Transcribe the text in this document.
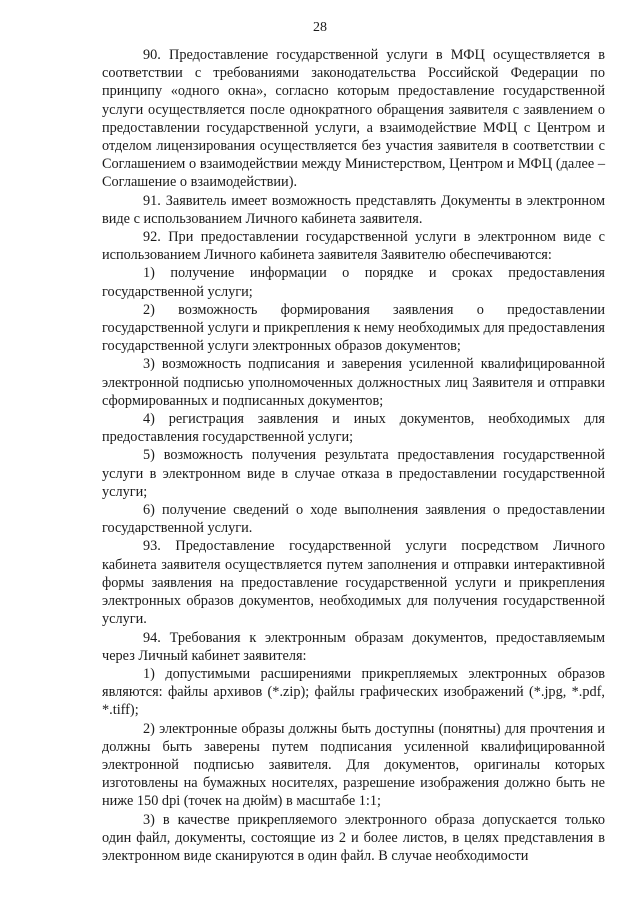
28

90. Предоставление государственной услуги в МФЦ осуществляется в соответствии с требованиями законодательства Российской Федерации по принципу «одного окна», согласно которым предоставление государственной услуги осуществляется после однократного обращения заявителя с заявлением о предоставлении государственной услуги, а взаимодействие МФЦ с Центром и отделом лицензирования осуществляется без участия заявителя в соответствии с Соглашением о взаимодействии между Министерством, Центром и МФЦ (далее – Соглашение о взаимодействии).

91. Заявитель имеет возможность представлять Документы в электронном виде с использованием Личного кабинета заявителя.

92. При предоставлении государственной услуги в электронном виде с использованием Личного кабинета заявителя Заявителю обеспечиваются:

1) получение информации о порядке и сроках предоставления государственной услуги;

2) возможность формирования заявления о предоставлении государственной услуги и прикрепления к нему необходимых для предоставления государственной услуги электронных образов документов;

3) возможность подписания и заверения усиленной квалифицированной электронной подписью уполномоченных должностных лиц Заявителя и отправки сформированных и подписанных документов;

4) регистрация заявления и иных документов, необходимых для предоставления государственной услуги;

5) возможность получения результата предоставления государственной услуги в электронном виде в случае отказа в предоставлении государственной услуги;

6) получение сведений о ходе выполнения заявления о предоставлении государственной услуги.

93. Предоставление государственной услуги посредством Личного кабинета заявителя осуществляется путем заполнения и отправки интерактивной формы заявления на предоставление государственной услуги и прикрепления электронных образов документов, необходимых для получения государственной услуги.

94. Требования к электронным образам документов, предоставляемым через Личный кабинет заявителя:

1) допустимыми расширениями прикрепляемых электронных образов являются: файлы архивов (*.zip); файлы графических изображений (*.jpg, *.pdf, *.tiff);

2) электронные образы должны быть доступны (понятны) для прочтения и должны быть заверены путем подписания усиленной квалифицированной электронной подписью заявителя. Для документов, оригиналы которых изготовлены на бумажных носителях, разрешение изображения должно быть не ниже 150 dpi (точек на дюйм) в масштабе 1:1;

3) в качестве прикрепляемого электронного образа допускается только один файл, документы, состоящие из 2 и более листов, в целях представления в электронном виде сканируются в один файл. В случае необходимости
